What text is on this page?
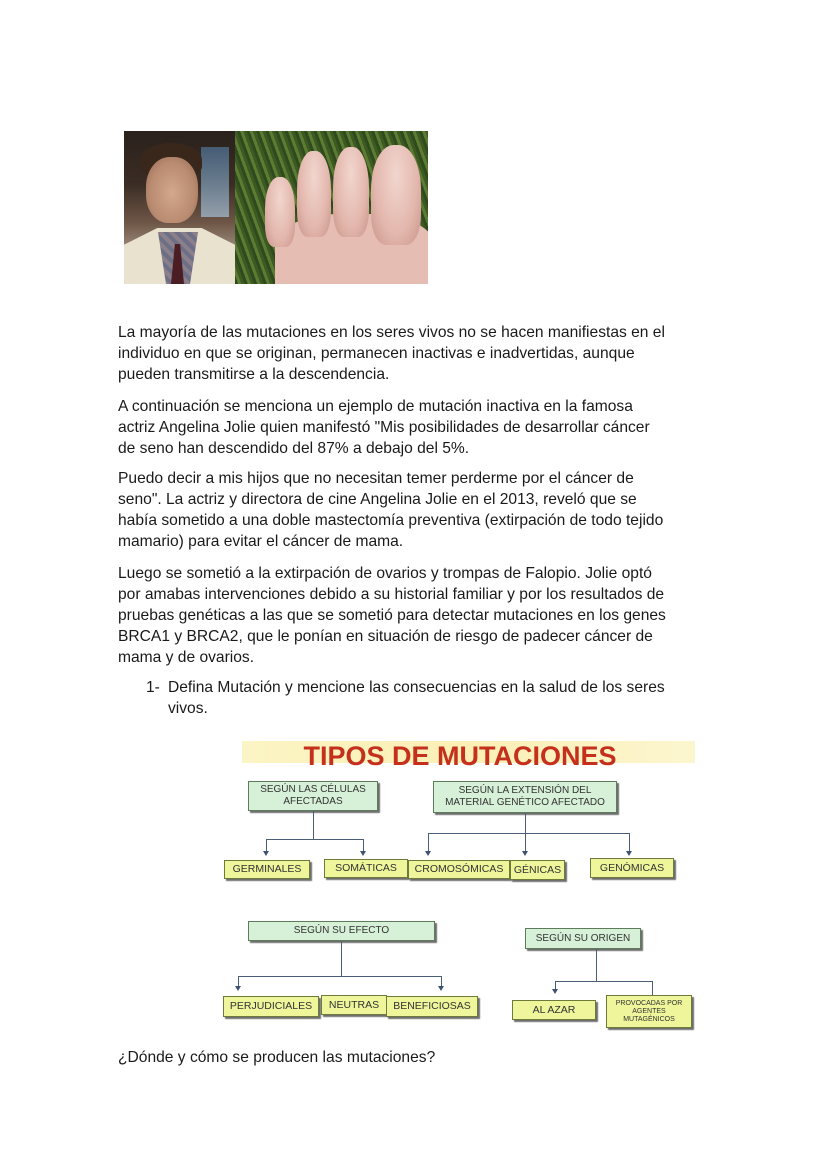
La mayoría de las mutaciones en los seres vivos no se hacen manifiestas en el
individuo en que se originan, permanecen inactivas e inadvertidas, aunque
pueden transmitirse a la descendencia.

A continuación se menciona un ejemplo de mutación inactiva en la famosa
actriz Angelina Jolie quien manifestó "Mis posibilidades de desarrollar cáncer
de seno han descendido del 87% a debajo del 5%.

Puedo decir a mis hijos que no necesitan temer perderme por el cáncer de
seno". La actriz y directora de cine Angelina Jolie en el 2013, reveló que se
había sometido a una doble mastectomía preventiva (extirpación de todo tejido
mamario) para evitar el cáncer de mama.

Luego se sometió a la extirpación de ovarios y trompas de Falopio. Jolie optó
por amabas intervenciones debido a su historial familiar y por los resultados de
pruebas genéticas a las que se sometió para detectar mutaciones en los genes
BRCA1 y BRCA2, que le ponían en situación de riesgo de padecer cáncer de
mama y de ovarios.

1- Defina Mutación y mencione las consecuencias en la salud de los seres
vivos.
TIPOS DE MUTACIONES
SEGÚN LAS CÉLULAS
AFECTADAS
GERMINALES	SOMÁTICAS
SEGÚN LA EXTENSIÓN DEL
MATERIAL GENÉTICO AFECTADO
CROMOSÓMICAS	GÉNICAS	GENÓMICAS
SEGÚN SU EFECTO
PERJUDICIALES	NEUTRAS	BENEFICIOSAS
SEGÚN SU ORIGEN
AL AZAR
PROVOCADAS POR
AGENTES
MUTAGÉNICOS

¿Dónde y cómo se producen las mutaciones?
